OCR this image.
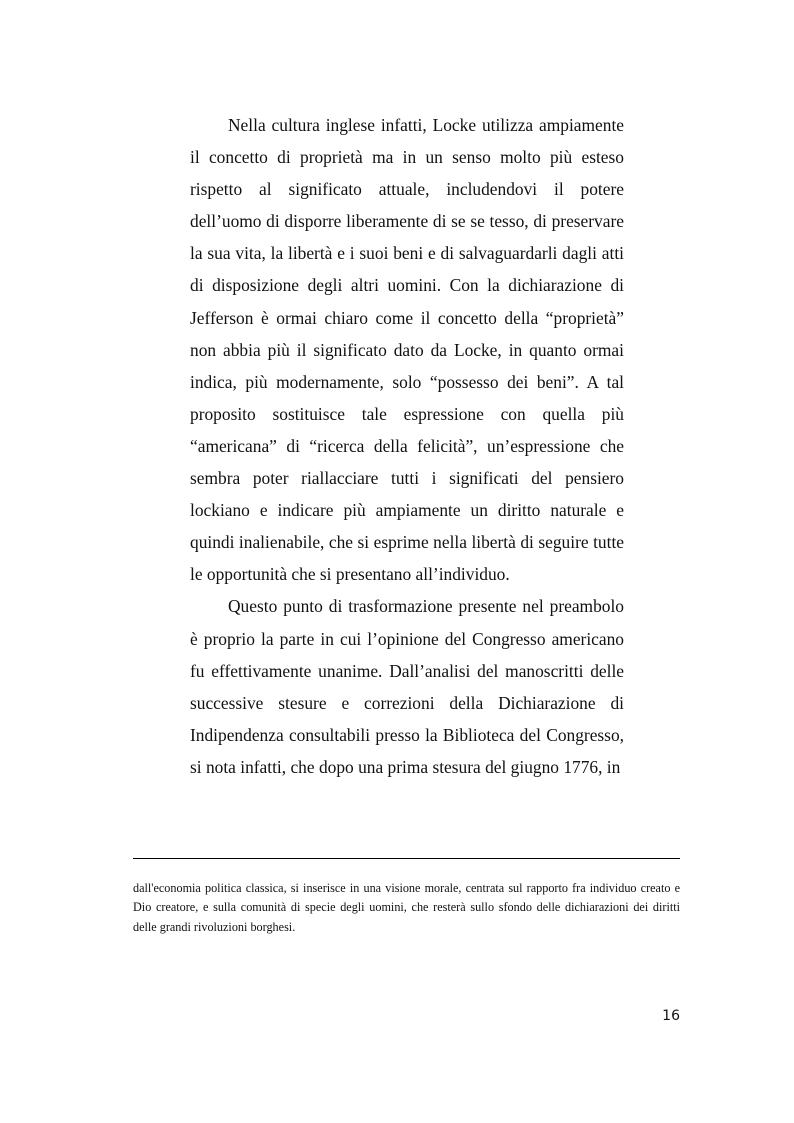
Nella cultura inglese infatti, Locke utilizza ampiamente il concetto di proprietà ma in un senso molto più esteso rispetto al significato attuale, includendovi il potere dell’uomo di disporre liberamente di se se tesso, di preservare la sua vita, la libertà e i suoi beni e di salvaguardarli dagli atti di disposizione degli altri uomini. Con la dichiarazione di Jefferson è ormai chiaro come il concetto della “proprietà” non abbia più il significato dato da Locke, in quanto ormai indica, più modernamente, solo “possesso dei beni”. A tal proposito sostituisce tale espressione con quella più “americana” di “ricerca della felicità”, un’espressione che sembra poter riallacciare tutti i significati del pensiero lockiano e indicare più ampiamente un diritto naturale e quindi inalienabile, che si esprime nella libertà di seguire tutte le opportunità che si presentano all’individuo.

Questo punto di trasformazione presente nel preambolo è proprio la parte in cui l’opinione del Congresso americano fu effettivamente unanime. Dall’analisi del manoscritti delle successive stesure e correzioni della Dichiarazione di Indipendenza consultabili presso la Biblioteca del Congresso, si nota infatti, che dopo una prima stesura del giugno 1776, in

dall'economia politica classica, si inserisce in una visione morale, centrata sul rapporto fra individuo creato e Dio creatore, e sulla comunità di specie degli uomini, che resterà sullo sfondo delle dichiarazioni dei diritti delle grandi rivoluzioni borghesi.

16
